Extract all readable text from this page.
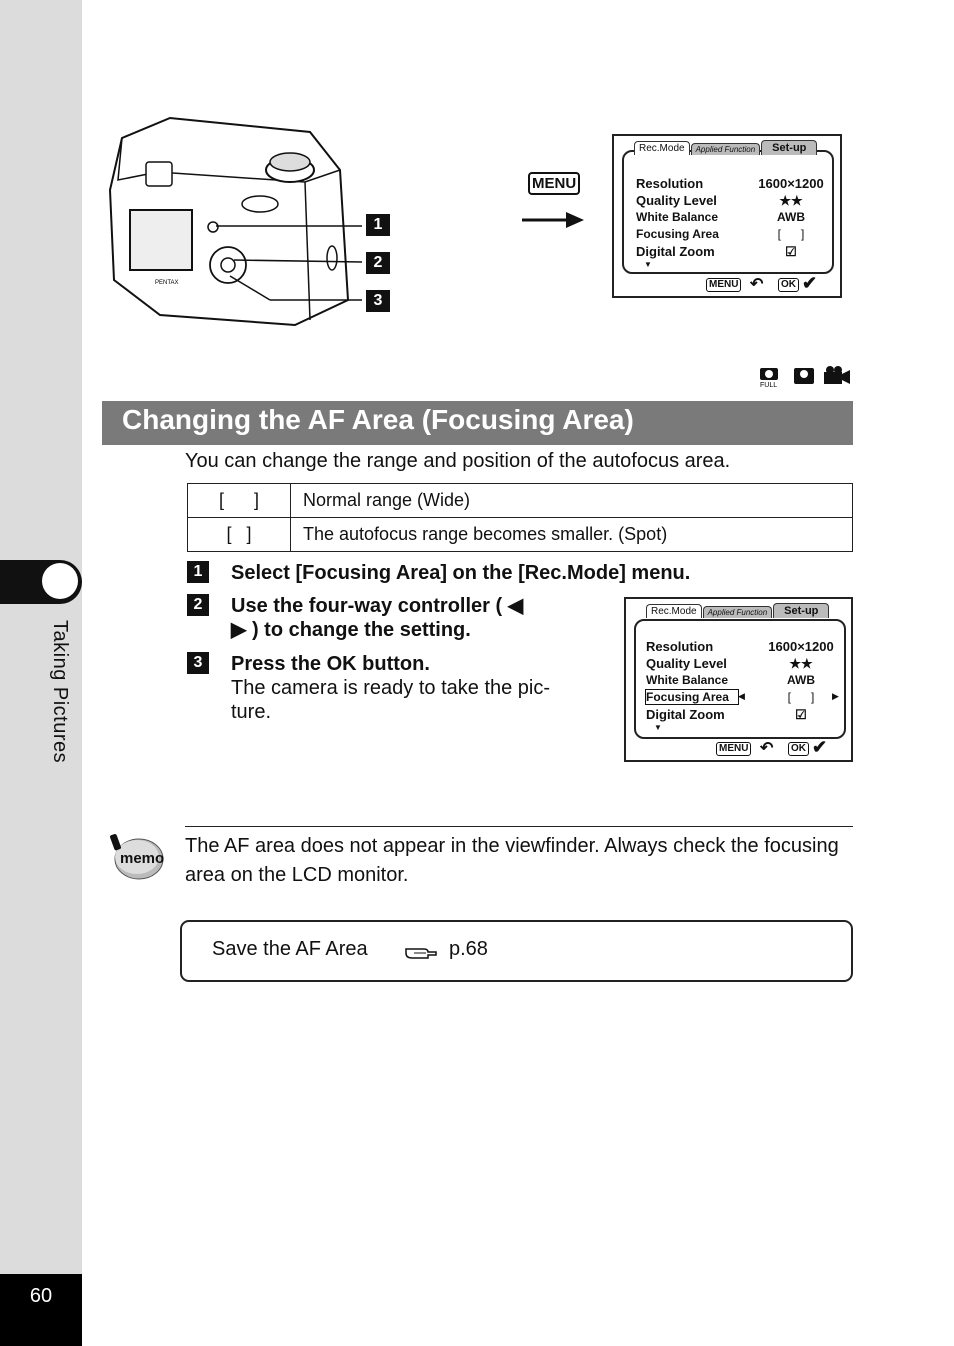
Taking Pictures
60
PENTAX
1
2
3
MENU
Rec.Mode	Applied Function	Set-up
Resolution	1600×1200
Quality Level	★★
White Balance	AWB
Focusing Area	[      ]
Digital Zoom	☑
▼
MENU ↶	OK ✔
FULL
Changing the AF Area (Focusing Area)
You can change the range and position of the autofocus area.
[      ]	Normal range (Wide)
[   ]	The autofocus range becomes smaller. (Spot)
1	Select [Focusing Area] on the [Rec.Mode] menu.
2	Use the four-way controller ( ◀
▶ ) to change the setting.
3	Press the OK button.
The camera is ready to take the pic-
ture.
Rec.Mode	Applied Function	Set-up
Resolution	1600×1200
Quality Level	★★
White Balance	AWB
Focusing Area	[      ]
◀	▶
Digital Zoom	☑
▼
MENU ↶	OK ✔
memo
The AF area does not appear in the viewfinder. Always check the focusing area on the LCD monitor.
Save the AF Area	p.68
